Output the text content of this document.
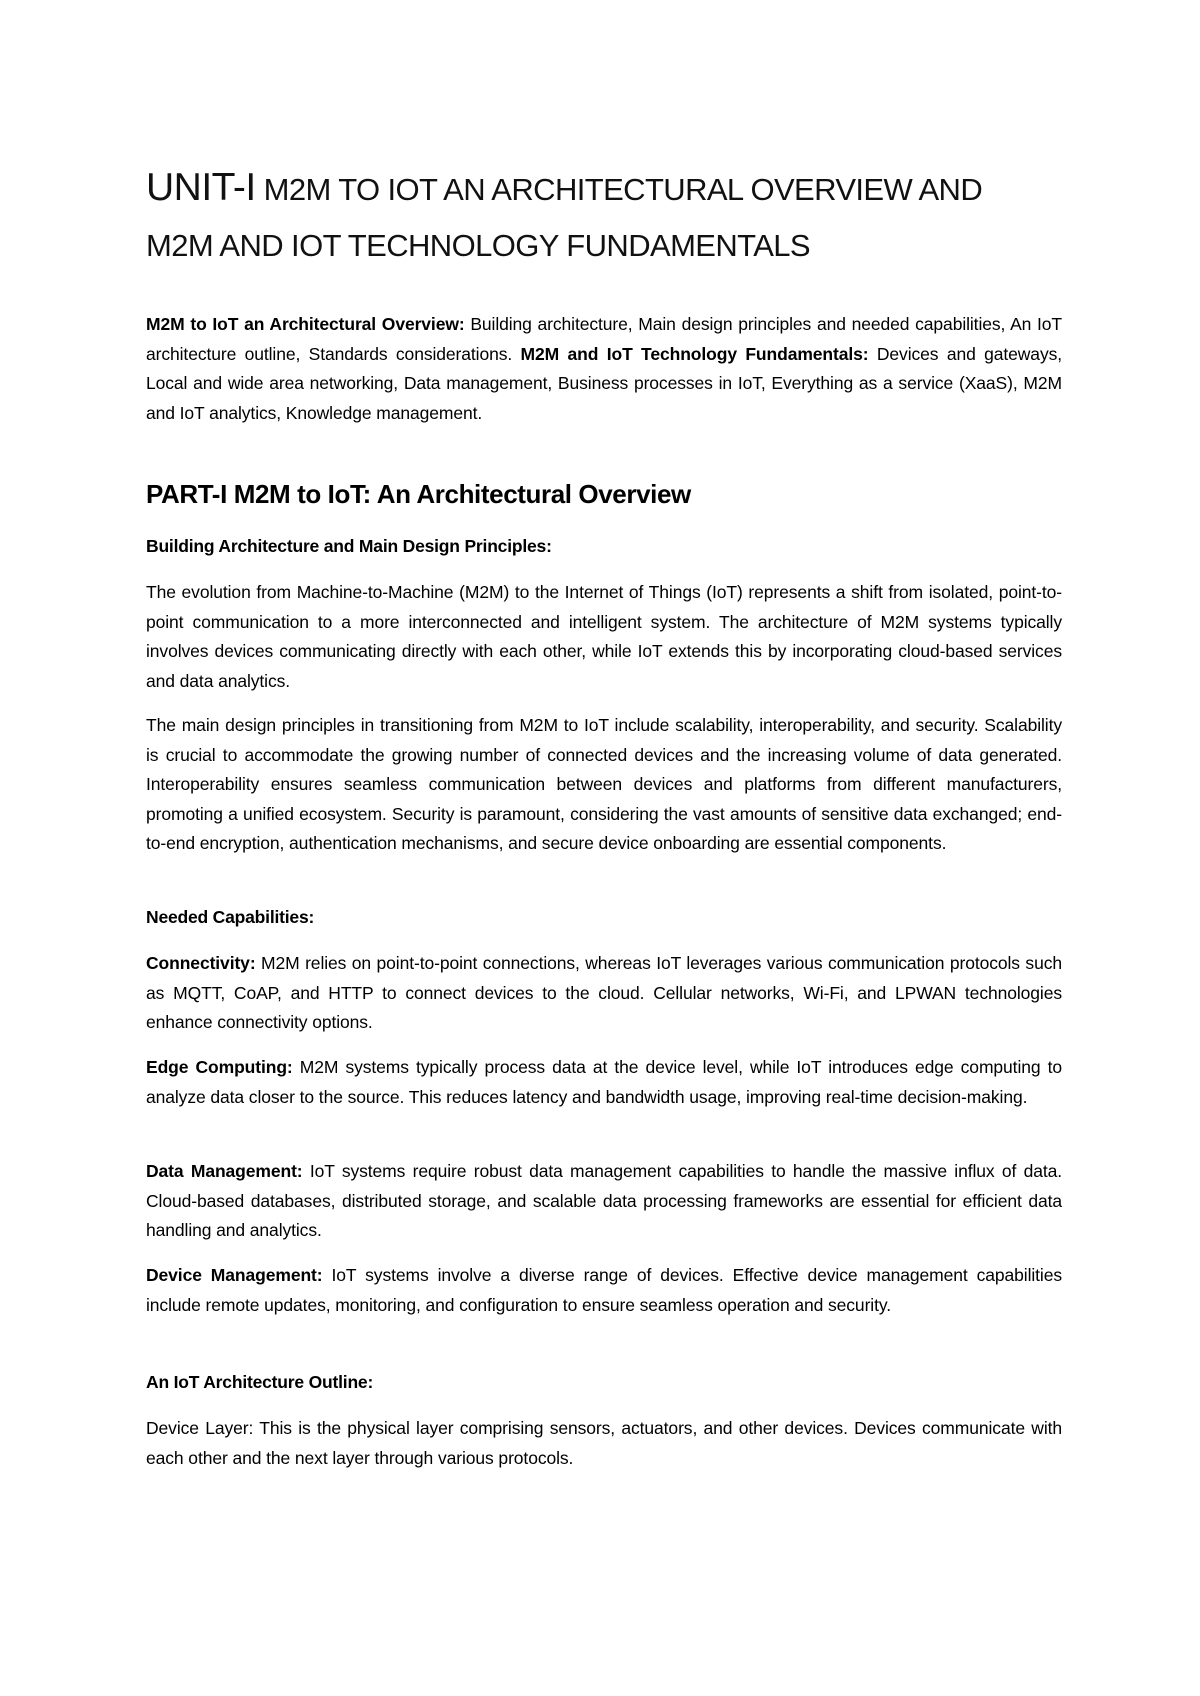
UNIT-I M2M TO IOT AN ARCHITECTURAL OVERVIEW AND
M2M AND IOT TECHNOLOGY FUNDAMENTALS

M2M to IoT an Architectural Overview: Building architecture, Main design principles and needed capabilities, An IoT architecture outline, Standards considerations. M2M and IoT Technology Fundamentals: Devices and gateways, Local and wide area networking, Data management, Business processes in IoT, Everything as a service (XaaS), M2M and IoT analytics, Knowledge management.

PART-I M2M to IoT: An Architectural Overview
Building Architecture and Main Design Principles:

The evolution from Machine-to-Machine (M2M) to the Internet of Things (IoT) represents a shift from isolated, point-to-point communication to a more interconnected and intelligent system. The architecture of M2M systems typically involves devices communicating directly with each other, while IoT extends this by incorporating cloud-based services and data analytics.

The main design principles in transitioning from M2M to IoT include scalability, interoperability, and security. Scalability is crucial to accommodate the growing number of connected devices and the increasing volume of data generated. Interoperability ensures seamless communication between devices and platforms from different manufacturers, promoting a unified ecosystem. Security is paramount, considering the vast amounts of sensitive data exchanged; end-to-end encryption, authentication mechanisms, and secure device onboarding are essential components.

Needed Capabilities:

Connectivity: M2M relies on point-to-point connections, whereas IoT leverages various communication protocols such as MQTT, CoAP, and HTTP to connect devices to the cloud. Cellular networks, Wi-Fi, and LPWAN technologies enhance connectivity options.

Edge Computing: M2M systems typically process data at the device level, while IoT introduces edge computing to analyze data closer to the source. This reduces latency and bandwidth usage, improving real-time decision-making.

Data Management: IoT systems require robust data management capabilities to handle the massive influx of data. Cloud-based databases, distributed storage, and scalable data processing frameworks are essential for efficient data handling and analytics.

Device Management: IoT systems involve a diverse range of devices. Effective device management capabilities include remote updates, monitoring, and configuration to ensure seamless operation and security.

An IoT Architecture Outline:

Device Layer: This is the physical layer comprising sensors, actuators, and other devices. Devices communicate with each other and the next layer through various protocols.
